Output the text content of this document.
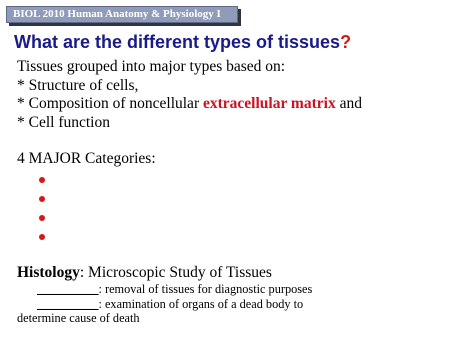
BIOL 2010 Human Anatomy & Physiology I
What are the different types of tissues?
Tissues grouped into major types based on:
* Structure of cells,
* Composition of noncellular extracellular matrix and
* Cell function
4 MAJOR Categories:
Histology: Microscopic Study of Tissues
__________: removal of tissues for diagnostic purposes
__________: examination of organs of a dead body to
determine cause of death
